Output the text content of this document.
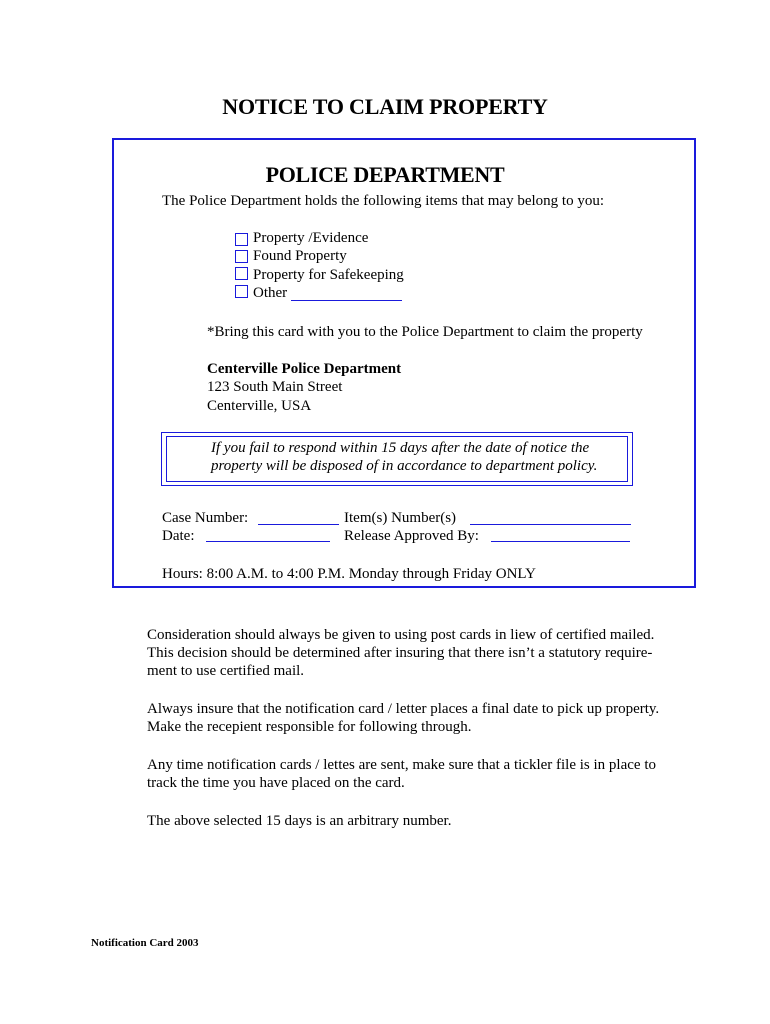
NOTICE TO CLAIM PROPERTY
POLICE DEPARTMENT
The Police Department holds the following items that may belong to you:
Property /Evidence
Found Property
Property for Safekeeping
Other
*Bring this card with you to the Police Department to claim the property
Centerville Police Department
123 South Main Street
Centerville, USA
If you fail to respond within 15 days after the date of notice the
property will be disposed of in accordance to department policy.
Case Number:	Item(s) Number(s)
Date:	Release Approved By:
Hours: 8:00 A.M. to 4:00 P.M. Monday through Friday ONLY
Consideration should always be given to using post cards in liew of certified mailed.
This decision should be determined after insuring that there isn’t a statutory require-
ment to use certified mail.
Always insure that the notification card / letter places a final date to pick up property.
Make the recepient responsible for following through.
Any time notification cards / lettes are sent, make sure that a tickler file is in place to
track the time you have placed on the card.
The above selected 15 days is an arbitrary number.
Notification Card 2003
